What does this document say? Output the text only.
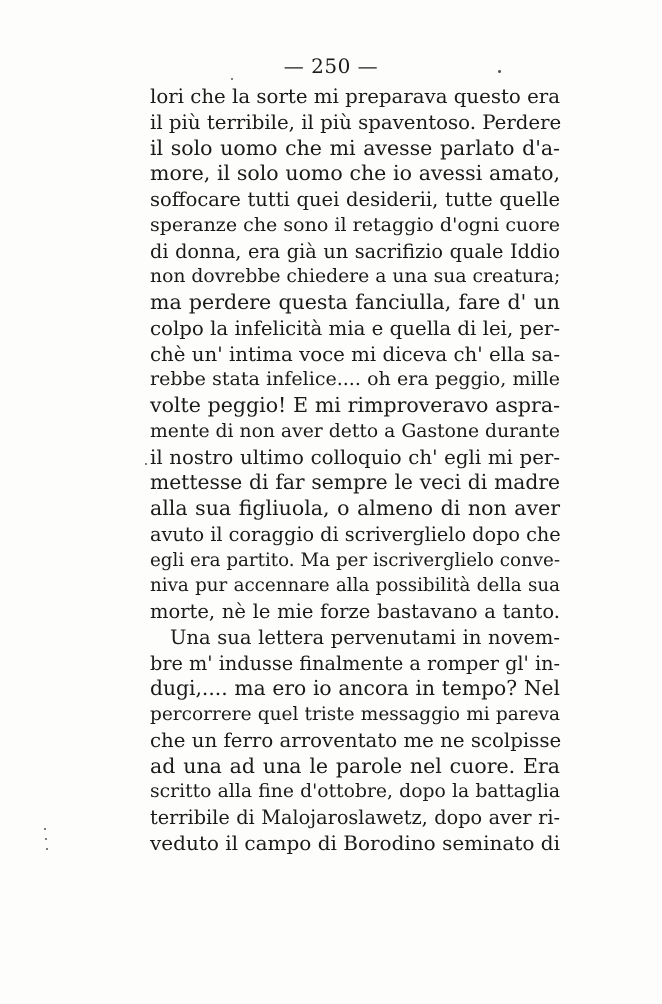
— 250 —
lori che la sorte mi preparava questo era
il più terribile, il più spaventoso. Perdere
il solo uomo che mi avesse parlato d'a-
more, il solo uomo che io avessi amato,
soffocare tutti quei desiderii, tutte quelle
speranze che sono il retaggio d'ogni cuore
di donna, era già un sacrifizio quale Iddio
non dovrebbe chiedere a una sua creatura;
ma perdere questa fanciulla, fare d' un
colpo la infelicità mia e quella di lei, per-
chè un' intima voce mi diceva ch' ella sa-
rebbe stata infelice.... oh era peggio, mille
volte peggio! E mi rimproveravo aspra-
mente di non aver detto a Gastone durante
il nostro ultimo colloquio ch' egli mi per-
mettesse di far sempre le veci di madre
alla sua figliuola, o almeno di non aver
avuto il coraggio di scriverglielo dopo che
egli era partito. Ma per iscriverglielo conve-
niva pur accennare alla possibilità della sua
morte, nè le mie forze bastavano a tanto.
Una sua lettera pervenutami in novem-
bre m' indusse finalmente a romper gl' in-
dugi,.... ma ero io ancora in tempo? Nel
percorrere quel triste messaggio mi pareva
che un ferro arroventato me ne scolpisse
ad una ad una le parole nel cuore. Era
scritto alla fine d'ottobre, dopo la battaglia
terribile di Malojaroslawetz, dopo aver ri-
veduto il campo di Borodino seminato di
